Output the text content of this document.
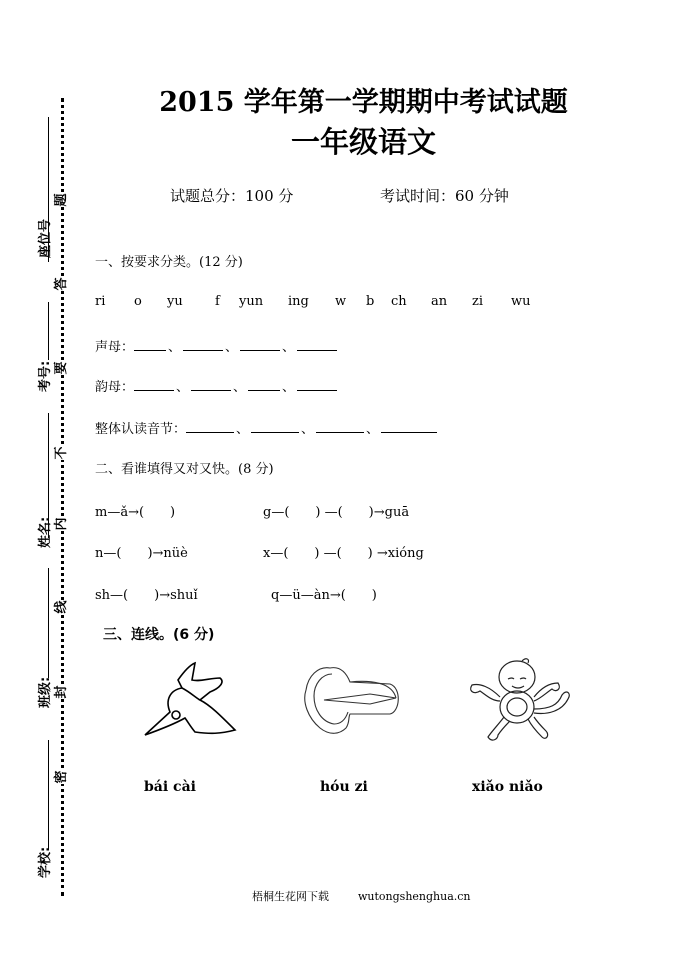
座位号
考号:
姓名:
班级:
学校:
题
答
要
不
内
线
封
密
2015 学年第一学期期中考试试题
一年级语文
试题总分：100 分	考试时间：60 分钟
一、按要求分类。(12 分)
ri o yu f yun ing w b ch an zi wu
声母：	、	、	、
韵母：	、	、	、
整体认读音节：	、	、	、
二、看谁填得又对又快。(8 分)
m—ǎ→(　　)	g—(　　) —(　　)→guā
n—(　　)→nüè	x—(　　) —(　　) →xióng
sh—(　　)→shuǐ	q—ü—àn→(　　)
三、连线。(6 分)
bái cài	hóu zi	xiǎo niǎo
梧桐生花网下载	wutongshenghua.cn
